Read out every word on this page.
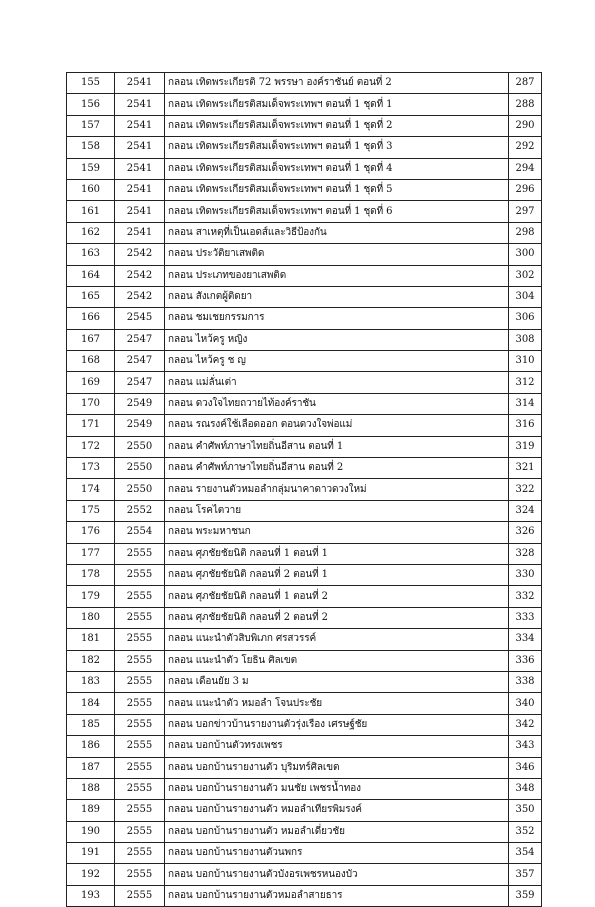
155	2541	กลอน เทิดพระเกียรติ 72 พรรษา องค์ราชันย์ ตอนที่ 2	287
156	2541	กลอน เทิดพระเกียรติสมเด็จพระเทพฯ ตอนที่ 1 ชุดที่ 1	288
157	2541	กลอน เทิดพระเกียรติสมเด็จพระเทพฯ ตอนที่ 1 ชุดที่ 2	290
158	2541	กลอน เทิดพระเกียรติสมเด็จพระเทพฯ ตอนที่ 1 ชุดที่ 3	292
159	2541	กลอน เทิดพระเกียรติสมเด็จพระเทพฯ ตอนที่ 1 ชุดที่ 4	294
160	2541	กลอน เทิดพระเกียรติสมเด็จพระเทพฯ ตอนที่ 1 ชุดที่ 5	296
161	2541	กลอน เทิดพระเกียรติสมเด็จพระเทพฯ ตอนที่ 1 ชุดที่ 6	297
162	2541	กลอน สาเหตุที่เป็นเอดส์และวิธีป้องกัน	298
163	2542	กลอน ประวัติยาเสพติด	300
164	2542	กลอน ประเภทของยาเสพติด	302
165	2542	กลอน สังเกตผู้ติดยา	304
166	2545	กลอน ชมเชยกรรมการ	306
167	2547	กลอน ไหว้ครู หญิง	308
168	2547	กลอน ไหว้ครู ช ญ	310
169	2547	กลอน แม่ลั่นเต่า	312
170	2549	กลอน ดวงใจไทยถวายไท้องค์ราชัน	314
171	2549	กลอน รณรงค์ใช้เลือดออก ตอนดวงใจพ่อแม่	316
172	2550	กลอน คำศัพท์ภาษาไทยถิ่นอีสาน ตอนที่ 1	319
173	2550	กลอน คำศัพท์ภาษาไทยถิ่นอีสาน ตอนที่ 2	321
174	2550	กลอน รายงานตัวหมอลำกลุ่มนาคาดาวดวงใหม่	322
175	2552	กลอน โรคไตวาย	324
176	2554	กลอน พระมหาชนก	326
177	2555	กลอน ศุภชัยชัยนิติ กลอนที่ 1 ตอนที่ 1	328
178	2555	กลอน ศุภชัยชัยนิติ กลอนที่ 2 ตอนที่ 1	330
179	2555	กลอน ศุภชัยชัยนิติ กลอนที่ 1 ตอนที่ 2	332
180	2555	กลอน ศุภชัยชัยนิติ กลอนที่ 2 ตอนที่ 2	333
181	2555	กลอน แนะนำตัวสิบพิเภก ศรสวรรค์	334
182	2555	กลอน แนะนำตัว โยธิน ศิลเขต	336
183	2555	กลอน เดือนยัย 3 ม	338
184	2555	กลอน แนะนำตัว หมอลำ โจนประชัย	340
185	2555	กลอน บอกข่าวบ้านรายงานตัวรุ่งเรือง เศรษฐ์ชัย	342
186	2555	กลอน บอกบ้านตัวทรงเพชร	343
187	2555	กลอน บอกบ้านรายงานตัว บุริมทร์ศิลเขต	346
188	2555	กลอน บอกบ้านรายงานตัว มนชัย เพชรน้ำทอง	348
189	2555	กลอน บอกบ้านรายงานตัว หมอลำเทียรพิมรงค์	350
190	2555	กลอน บอกบ้านรายงานตัว หมอลำเดี่ยวชัย	352
191	2555	กลอน บอกบ้านรายงานตัวนพกร	354
192	2555	กลอน บอกบ้านรายงานตัวบังอรเพชรหนองบัว	357
193	2555	กลอน บอกบ้านรายงานตัวหมอลำสายธาร	359
